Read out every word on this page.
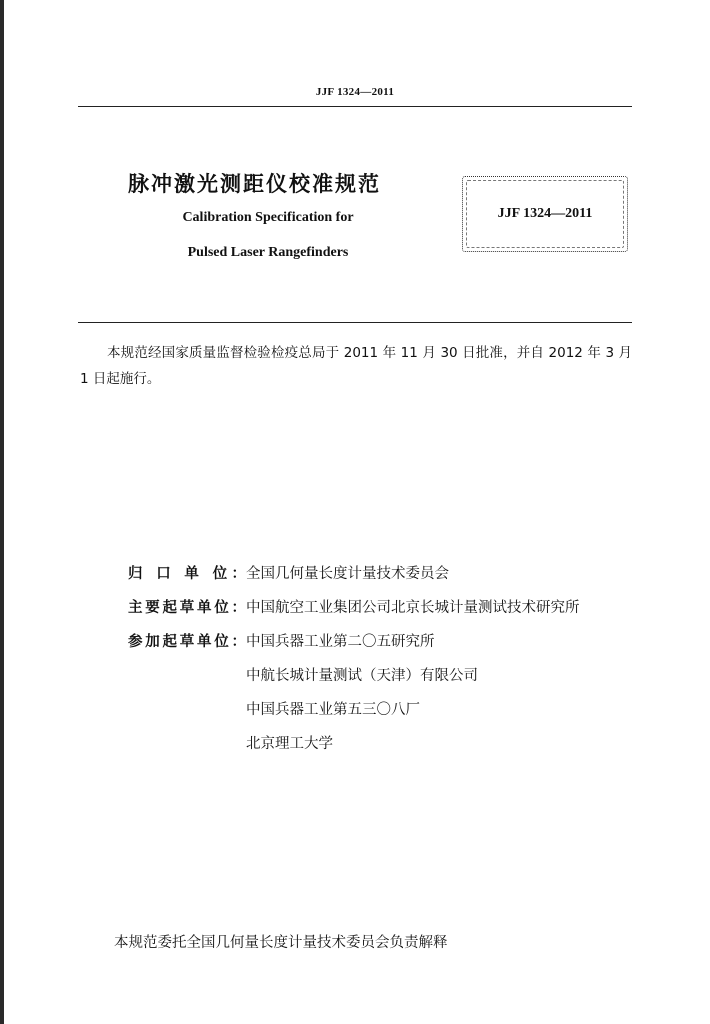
JJF 1324—2011
脉冲激光测距仪校准规范
Calibration Specification for
Pulsed Laser Rangefinders
JJF 1324—2011
本规范经国家质量监督检验检疫总局于 2011 年 11 月 30 日批准，并自 2012 年 3 月 1 日起施行。
归 口 单 位： 全国几何量长度计量技术委员会
主要起草单位： 中国航空工业集团公司北京长城计量测试技术研究所
参加起草单位： 中国兵器工业第二〇五研究所
中航长城计量测试（天津）有限公司
中国兵器工业第五三〇八厂
北京理工大学
本规范委托全国几何量长度计量技术委员会负责解释
